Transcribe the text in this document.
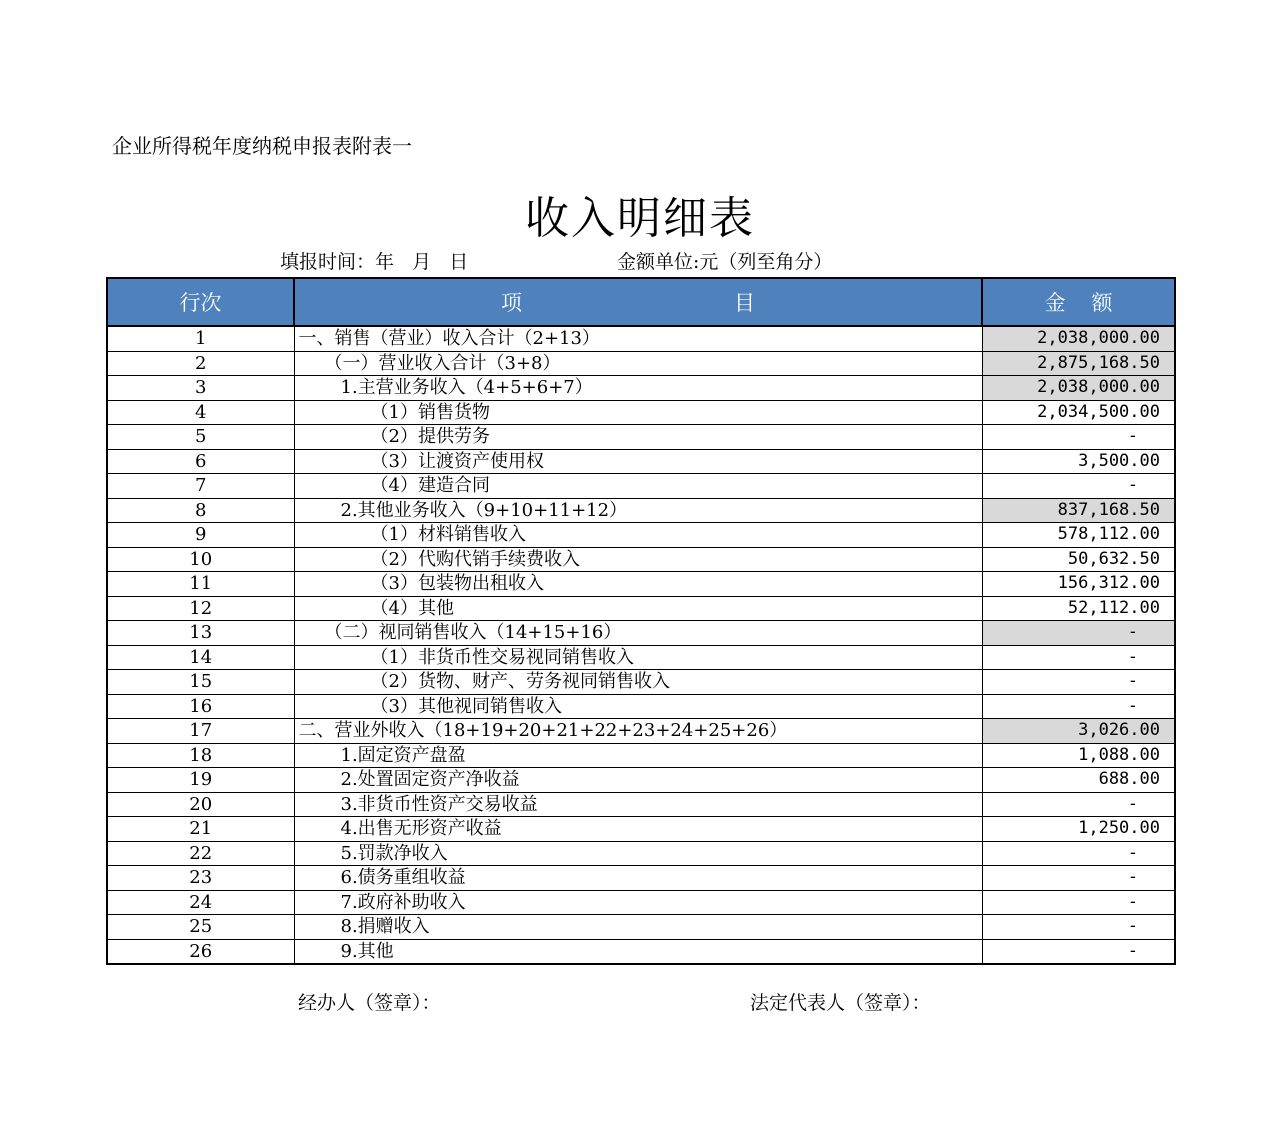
企业所得税年度纳税申报表附表一
收入明细表
填报时间：年   月   日	金额单位:元（列至角分）
行次	项 目	金额
1	一、销售（营业）收入合计（2+13）	2,038,000.00
2	（一）营业收入合计（3+8）	2,875,168.50
3	1.主营业务收入（4+5+6+7）	2,038,000.00
4	（1）销售货物	2,034,500.00
5	（2）提供劳务	-
6	（3）让渡资产使用权	3,500.00
7	（4）建造合同	-
8	2.其他业务收入（9+10+11+12）	837,168.50
9	（1）材料销售收入	578,112.00
10	（2）代购代销手续费收入	50,632.50
11	（3）包装物出租收入	156,312.00
12	（4）其他	52,112.00
13	（二）视同销售收入（14+15+16）	-
14	（1）非货币性交易视同销售收入	-
15	（2）货物、财产、劳务视同销售收入	-
16	（3）其他视同销售收入	-
17	二、营业外收入（18+19+20+21+22+23+24+25+26）	3,026.00
18	1.固定资产盘盈	1,088.00
19	2.处置固定资产净收益	688.00
20	3.非货币性资产交易收益	-
21	4.出售无形资产收益	1,250.00
22	5.罚款净收入	-
23	6.债务重组收益	-
24	7.政府补助收入	-
25	8.捐赠收入	-
26	9.其他	-
经办人（签章）：	法定代表人（签章）：
